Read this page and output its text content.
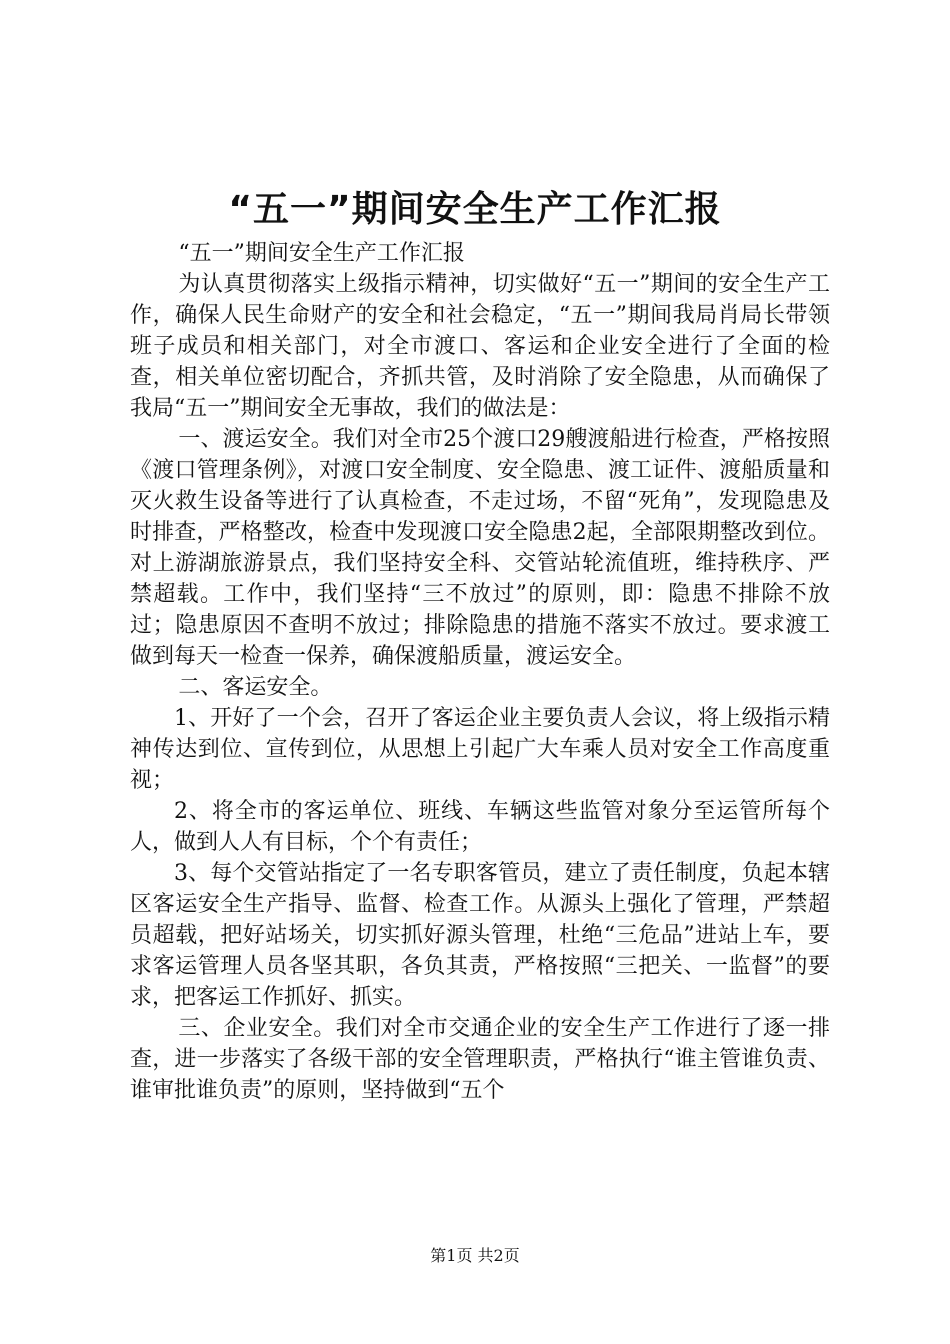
“五一”期间安全生产工作汇报

“五一”期间安全生产工作汇报

为认真贯彻落实上级指示精神，切实做好“五一”期间的安全生产工作，确保人民生命财产的安全和社会稳定，“五一”期间我局肖局长带领班子成员和相关部门，对全市渡口、客运和企业安全进行了全面的检查，相关单位密切配合，齐抓共管，及时消除了安全隐患，从而确保了我局“五一”期间安全无事故，我们的做法是：

一、渡运安全。我们对全市25个渡口29艘渡船进行检查，严格按照《渡口管理条例》，对渡口安全制度、安全隐患、渡工证件、渡船质量和灭火救生设备等进行了认真检查，不走过场，不留“死角”，发现隐患及时排查，严格整改，检查中发现渡口安全隐患2起，全部限期整改到位。对上游湖旅游景点，我们坚持安全科、交管站轮流值班，维持秩序、严禁超载。工作中，我们坚持“三不放过”的原则，即：隐患不排除不放过；隐患原因不查明不放过；排除隐患的措施不落实不放过。要求渡工做到每天一检查一保养，确保渡船质量，渡运安全。

二、客运安全。

1、开好了一个会，召开了客运企业主要负责人会议，将上级指示精神传达到位、宣传到位，从思想上引起广大车乘人员对安全工作高度重视；

2、将全市的客运单位、班线、车辆这些监管对象分至运管所每个人，做到人人有目标，个个有责任；

3、每个交管站指定了一名专职客管员，建立了责任制度，负起本辖区客运安全生产指导、监督、检查工作。从源头上强化了管理，严禁超员超载，把好站场关，切实抓好源头管理，杜绝“三危品”进站上车，要求客运管理人员各坚其职，各负其责，严格按照“三把关、一监督”的要求，把客运工作抓好、抓实。

三、企业安全。我们对全市交通企业的安全生产工作进行了逐一排查，进一步落实了各级干部的安全管理职责，严格执行“谁主管谁负责、谁审批谁负责”的原则，坚持做到“五个

第1页 共2页
